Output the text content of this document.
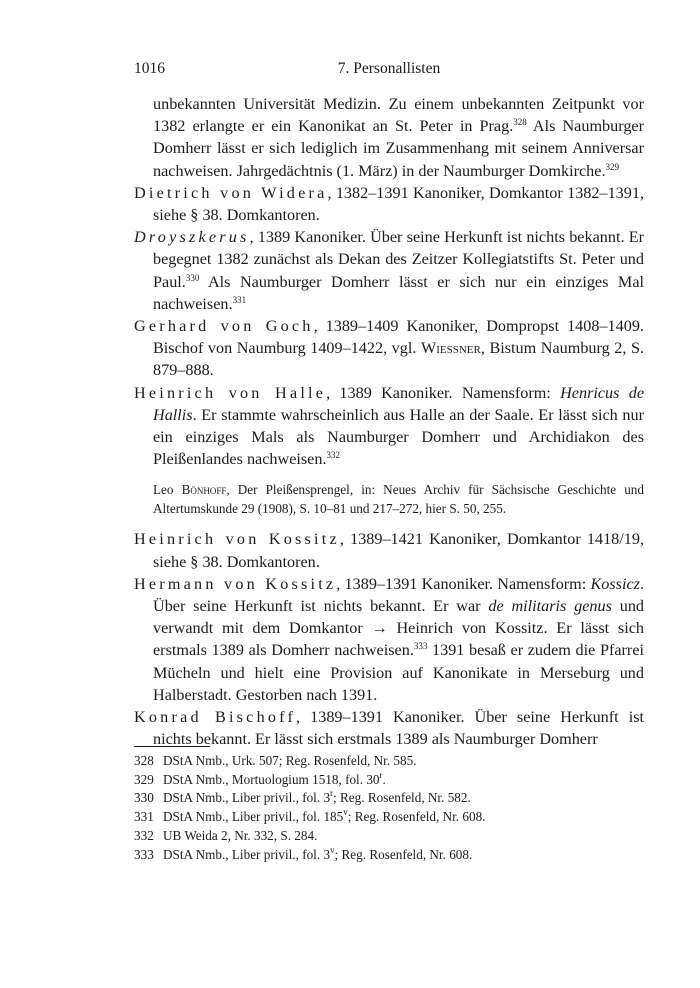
1016	7. Personallisten

unbekannten Universität Medizin. Zu einem unbekannten Zeitpunkt vor 1382 erlangte er ein Kanonikat an St. Peter in Prag.$^{328}$ Als Naumburger Domherr lässt er sich lediglich im Zusammenhang mit seinem Anniversar nachweisen. Jahrgedächtnis (1. März) in der Naumburger Domkirche.$^{329}$

Dietrich von Widera, 1382–1391 Kanoniker, Domkantor 1382–1391, siehe § 38. Domkantoren.

Droyszkerus, 1389 Kanoniker. Über seine Herkunft ist nichts bekannt. Er begegnet 1382 zunächst als Dekan des Zeitzer Kollegiatstifts St. Peter und Paul.$^{330}$ Als Naumburger Domherr lässt er sich nur ein einziges Mal nachweisen.$^{331}$

Gerhard von Goch, 1389–1409 Kanoniker, Dompropst 1408–1409. Bischof von Naumburg 1409–1422, vgl. Wießner, Bistum Naumburg 2, S. 879–888.

Heinrich von Halle, 1389 Kanoniker. Namensform: Henricus de Hallis. Er stammte wahrscheinlich aus Halle an der Saale. Er lässt sich nur ein einziges Mals als Naumburger Domherr und Archidiakon des Pleißenlandes nachweisen.$^{332}$

Leo Bönhoff, Der Pleißensprengel, in: Neues Archiv für Sächsische Geschichte und Altertumskunde 29 (1908), S. 10–81 und 217–272, hier S. 50, 255.

Heinrich von Kossitz, 1389–1421 Kanoniker, Domkantor 1418/19, siehe § 38. Domkantoren.

Hermann von Kossitz, 1389–1391 Kanoniker. Namensform: Kossicz. Über seine Herkunft ist nichts bekannt. Er war de militaris genus und verwandt mit dem Domkantor → Heinrich von Kossitz. Er lässt sich erstmals 1389 als Domherr nachweisen.$^{333}$ 1391 besaß er zudem die Pfarrei Mücheln und hielt eine Provision auf Kanonikate in Merseburg und Halberstadt. Gestorben nach 1391.

Konrad Bischoff, 1389–1391 Kanoniker. Über seine Herkunft ist nichts bekannt. Er lässt sich erstmals 1389 als Naumburger Domherr

328 DStA Nmb., Urk. 507; Reg. Rosenfeld, Nr. 585.

329 DStA Nmb., Mortuologium 1518, fol. 30$^r$.

330 DStA Nmb., Liber privil., fol. 3$^r$; Reg. Rosenfeld, Nr. 582.

331 DStA Nmb., Liber privil., fol. 185$^v$; Reg. Rosenfeld, Nr. 608.

332 UB Weida 2, Nr. 332, S. 284.

333 DStA Nmb., Liber privil., fol. 3$^v$; Reg. Rosenfeld, Nr. 608.
